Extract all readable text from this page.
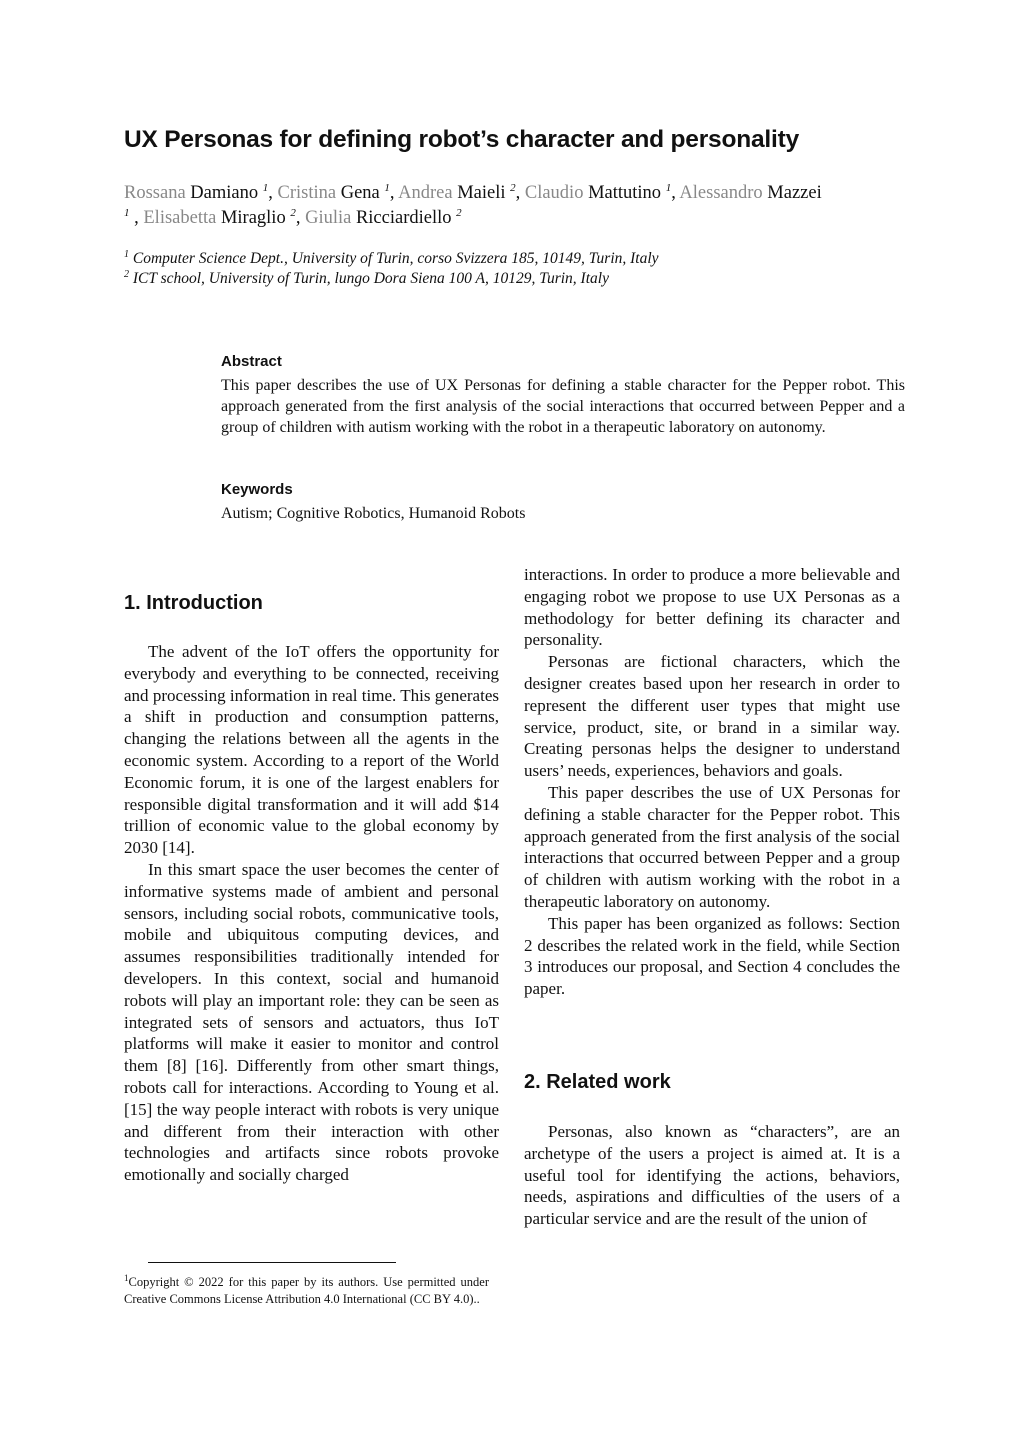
UX Personas for defining robot’s character and personality
Rossana Damiano $^1$, Cristina Gena $^1$, Andrea Maieli $^2$, Claudio Mattutino $^1$, Alessandro Mazzei
$^1$ , Elisabetta Miraglio $^2$, Giulia Ricciardiello $^2$
$^1$ Computer Science Dept., University of Turin, corso Svizzera 185, 10149, Turin, Italy
$^2$ ICT school, University of Turin, lungo Dora Siena 100 A, 10129, Turin, Italy
Abstract
This paper describes the use of UX Personas for defining a stable character for the Pepper robot. This approach generated from the first analysis of the social interactions that occurred between Pepper and a group of children with autism working with the robot in a therapeutic laboratory on autonomy.
Keywords
Autism; Cognitive Robotics, Humanoid Robots
1. Introduction

The advent of the IoT offers the opportunity for everybody and everything to be connected, receiving and processing information in real time. This generates a shift in production and consumption patterns, changing the relations between all the agents in the economic system. According to a report of the World Economic forum, it is one of the largest enablers for responsible digital transformation and it will add $14 trillion of economic value to the global economy by 2030 [14].

In this smart space the user becomes the center of informative systems made of ambient and personal sensors, including social robots, communicative tools, mobile and ubiquitous computing devices, and assumes responsibilities traditionally intended for developers. In this context, social and humanoid robots will play an important role: they can be seen as integrated sets of sensors and actuators, thus IoT platforms will make it easier to monitor and control them [8] [16]. Differently from other smart things, robots call for interactions. According to Young et al. [15] the way people interact with robots is very unique and different from their interaction with other technologies and artifacts since robots provoke emotionally and socially charged

interactions. In order to produce a more believable and engaging robot we propose to use UX Personas as a methodology for better defining its character and personality.

Personas are fictional characters, which the designer creates based upon her research in order to represent the different user types that might use service, product, site, or brand in a similar way. Creating personas helps the designer to understand users’ needs, experiences, behaviors and goals.

This paper describes the use of UX Personas for defining a stable character for the Pepper robot. This approach generated from the first analysis of the social interactions that occurred between Pepper and a group of children with autism working with the robot in a therapeutic laboratory on autonomy.

This paper has been organized as follows: Section 2 describes the related work in the field, while Section 3 introduces our proposal, and Section 4 concludes the paper.

2. Related work

Personas, also known as “characters”, are an archetype of the users a project is aimed at. It is a useful tool for identifying the actions, behaviors, needs, aspirations and difficulties of the users of a particular service and are the result of the union of

$^1$Copyright © 2022 for this paper by its authors. Use permitted under Creative Commons License Attribution 4.0 International (CC BY 4.0)..
